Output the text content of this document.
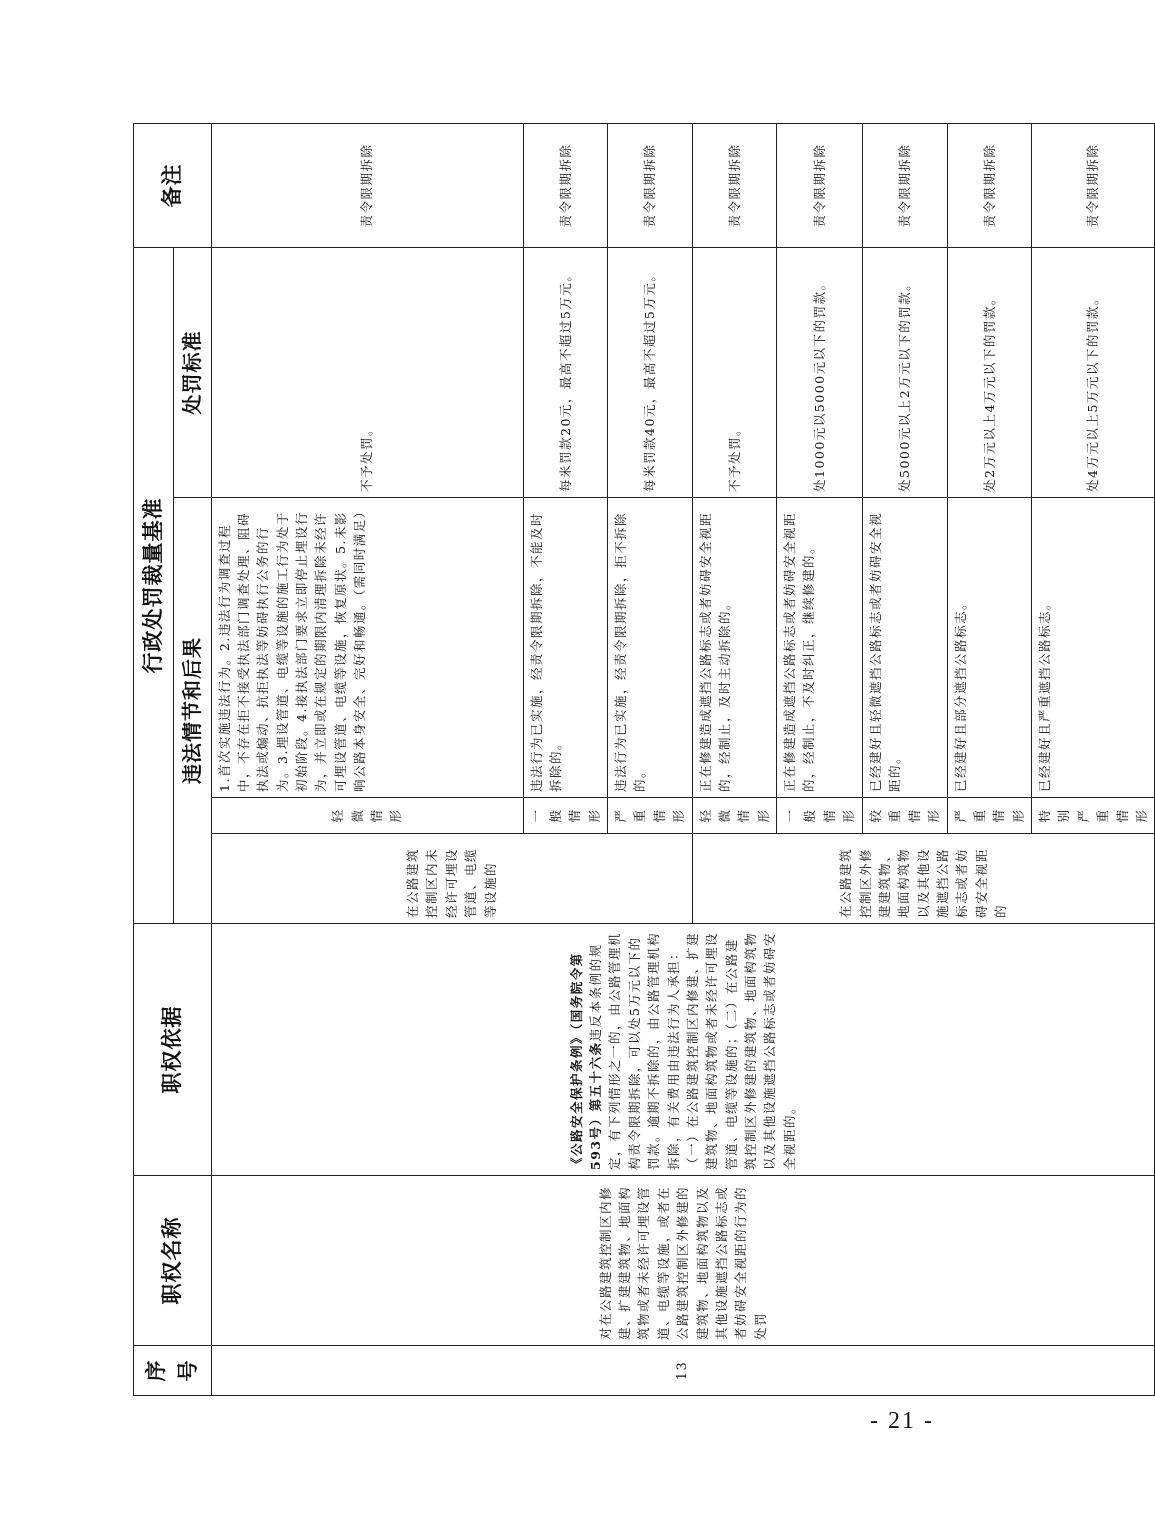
序号	职权名称	职权依据	行政处罚裁量基准				备注
			违法情节和后果			处罚标准	
13	对在公路建筑控制区内修建、扩建建筑物、地面构筑物或者未经许可埋设管道、电缆等设施，或者在公路建筑控制区外修建的建筑物、地面构筑物以及其他设施遮挡公路标志或者妨碍安全视距的行为的处罚	《公路安全保护条例》（国务院令第593号）第五十六条违反本条例的规定，有下列情形之一的，由公路管理机构责令限期拆除，可以处5万元以下的罚款。逾期不拆除的，由公路管理机构拆除，有关费用由违法行为人承担：（一）在公路建筑控制区内修建、扩建建筑物、地面构筑物或者未经许可埋设管道、电缆等设施的；（二）在公路建筑控制区外修建的建筑物、地面构筑物以及其他设施遮挡公路标志或者妨碍安全视距的。	在公路建筑控制区内未经许可埋设管道、电缆等设施的	轻微情形	1.首次实施违法行为。2.违法行为调查过程中，不存在拒不接受执法部门调查处理、阻碍执法或煽动、抗拒执法等妨碍执行公务的行为。3.埋设管道、电缆等设施的施工行为处于初始阶段。4.接执法部门要求立即停止埋设行为，并立即或在规定的期限内清理拆除未经许可埋设管道、电缆等设施，恢复原状。5.未影响公路本身安全、完好和畅通。（需同时满足）	不予处罚。	责令限期拆除
				一般情形	违法行为已实施，经责令限期拆除，不能及时拆除的。	每米罚款20元，最高不超过5万元。	责令限期拆除
				严重情形	违法行为已实施，经责令限期拆除，拒不拆除的。	每米罚款40元，最高不超过5万元。	责令限期拆除
			在公路建筑控制区外修建建筑物、地面构筑物以及其他设施遮挡公路标志或者妨碍安全视距的	轻微情形	正在修建造成遮挡公路标志或者妨碍安全视距的，经制止，及时主动拆除的。	不予处罚。	责令限期拆除
				一般情形	正在修建造成遮挡公路标志或者妨碍安全视距的，经制止，不及时纠正，继续修建的。	处1000元以5000元以下的罚款。	责令限期拆除
				较重情形	已经建好且轻微遮挡公路标志或者妨碍安全视距的。	处5000元以上2万元以下的罚款。	责令限期拆除
				严重情形	已经建好且部分遮挡公路标志。	处2万元以上4万元以下的罚款。	责令限期拆除
				特别严重情形	已经建好且严重遮挡公路标志。	处4万元以上5万元以下的罚款。	责令限期拆除
- 21 -
